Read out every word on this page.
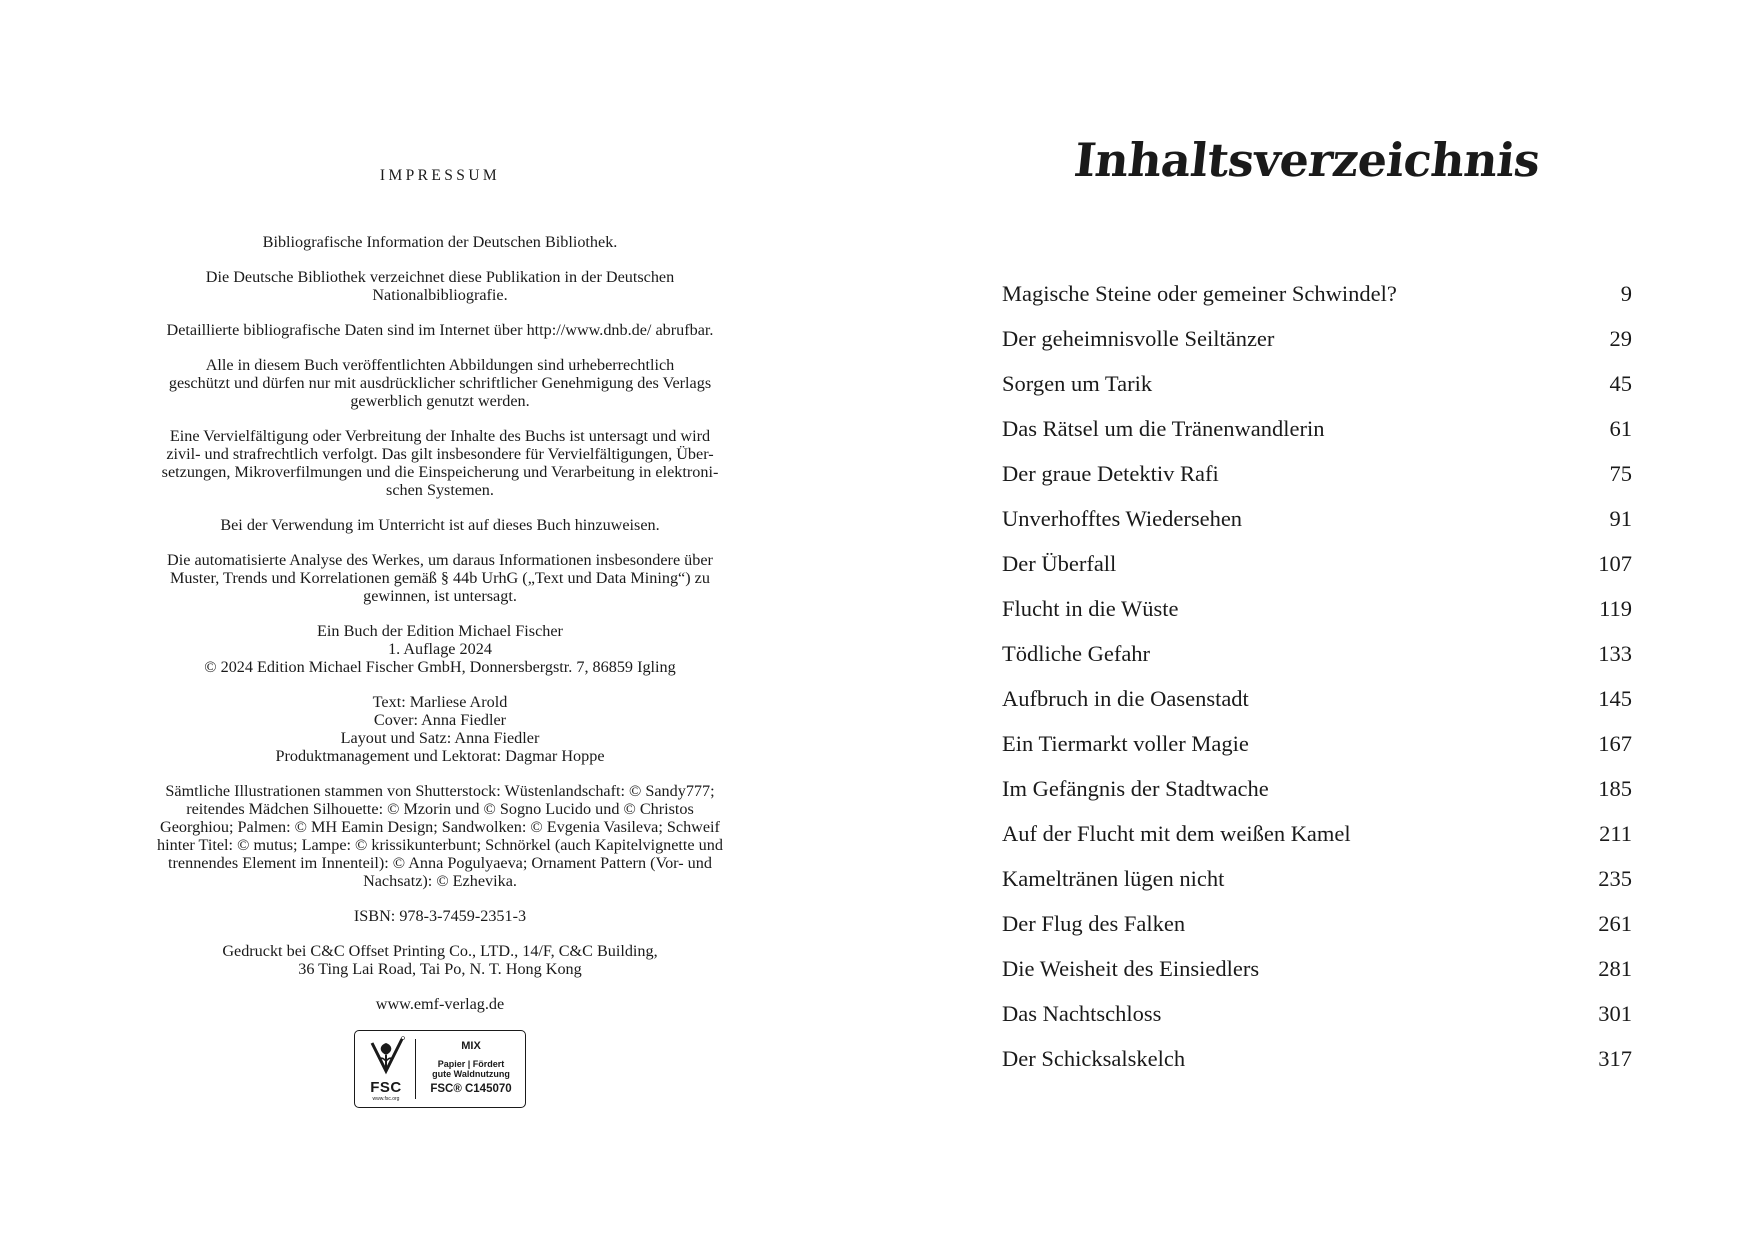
IMPRESSUM
Bibliografische Information der Deutschen Bibliothek.
Die Deutsche Bibliothek verzeichnet diese Publikation in der Deutschen
Nationalbibliografie.
Detaillierte bibliografische Daten sind im Internet über http://www.dnb.de/ abrufbar.
Alle in diesem Buch veröffentlichten Abbildungen sind urheberrechtlich
geschützt und dürfen nur mit ausdrücklicher schriftlicher Genehmigung des Verlags
gewerblich genutzt werden.
Eine Vervielfältigung oder Verbreitung der Inhalte des Buchs ist untersagt und wird
zivil- und strafrechtlich verfolgt. Das gilt insbesondere für Vervielfältigungen, Über-
setzungen, Mikroverfilmungen und die Einspeicherung und Verarbeitung in elektroni-
schen Systemen.
Bei der Verwendung im Unterricht ist auf dieses Buch hinzuweisen.
Die automatisierte Analyse des Werkes, um daraus Informationen insbesondere über
Muster, Trends und Korrelationen gemäß § 44b UrhG („Text und Data Mining“) zu
gewinnen, ist untersagt.
Ein Buch der Edition Michael Fischer
1. Auflage 2024
© 2024 Edition Michael Fischer GmbH, Donnersbergstr. 7, 86859 Igling
Text: Marliese Arold
Cover: Anna Fiedler
Layout und Satz: Anna Fiedler
Produktmanagement und Lektorat: Dagmar Hoppe
Sämtliche Illustrationen stammen von Shutterstock: Wüstenlandschaft: © Sandy777;
reitendes Mädchen Silhouette: © Mzorin und © Sogno Lucido und © Christos
Georghiou; Palmen: © MH Eamin Design; Sandwolken: © Evgenia Vasileva; Schweif
hinter Titel: © mutus; Lampe: © krissikunterbunt; Schnörkel (auch Kapitelvignette und
trennendes Element im Innenteil): © Anna Pogulyaeva; Ornament Pattern (Vor- und
Nachsatz): © Ezhevika.
ISBN: 978-3-7459-2351-3
Gedruckt bei C&C Offset Printing Co., LTD., 14/F, C&C Building,
36 Ting Lai Road, Tai Po, N. T. Hong Kong
www.emf-verlag.de
FSC
www.fsc.org
MIX
Papier | Fördert
gute Waldnutzung
FSC® C145070
Inhaltsverzeichnis
Magische Steine oder gemeiner Schwindel?	9
Der geheimnisvolle Seiltänzer	29
Sorgen um Tarik	45
Das Rätsel um die Tränenwandlerin	61
Der graue Detektiv Rafi	75
Unverhofftes Wiedersehen	91
Der Überfall	107
Flucht in die Wüste	119
Tödliche Gefahr	133
Aufbruch in die Oasenstadt	145
Ein Tiermarkt voller Magie	167
Im Gefängnis der Stadtwache	185
Auf der Flucht mit dem weißen Kamel	211
Kameltränen lügen nicht	235
Der Flug des Falken	261
Die Weisheit des Einsiedlers	281
Das Nachtschloss	301
Der Schicksalskelch	317
